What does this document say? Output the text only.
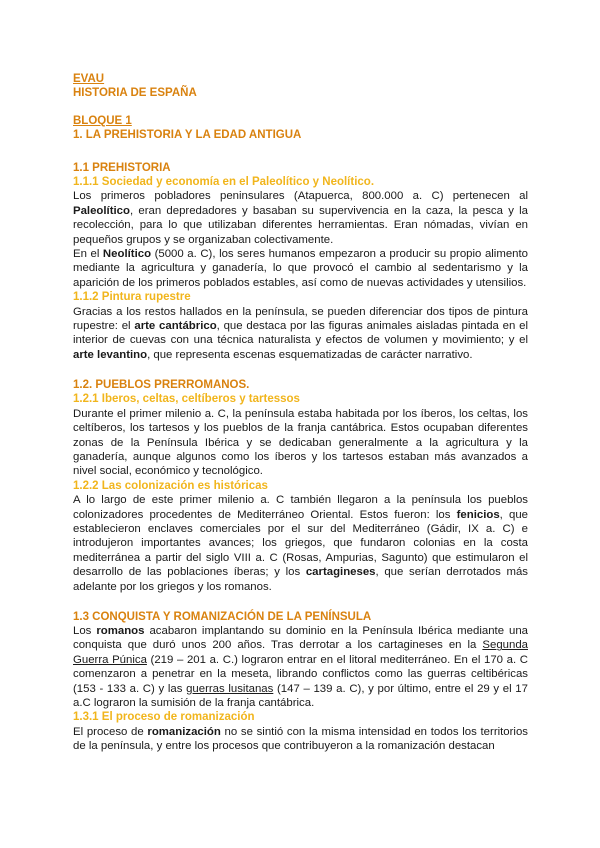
EVAU
HISTORIA DE ESPAÑA
BLOQUE 1
1. LA PREHISTORIA Y LA EDAD ANTIGUA
1.1 PREHISTORIA
1.1.1 Sociedad y economía en el Paleolítico y Neolítico.

Los primeros pobladores peninsulares (Atapuerca, 800.000 a. C) pertenecen al Paleolítico, eran depredadores y basaban su supervivencia en la caza, la pesca y la recolección, para lo que utilizaban diferentes herramientas. Eran nómadas, vivían en pequeños grupos y se organizaban colectivamente.

En el Neolítico (5000 a. C), los seres humanos empezaron a producir su propio alimento mediante la agricultura y ganadería, lo que provocó el cambio al sedentarismo y la aparición de los primeros poblados estables, así como de nuevas actividades y utensilios.

1.1.2 Pintura rupestre

Gracias a los restos hallados en la península, se pueden diferenciar dos tipos de pintura rupestre: el arte cantábrico, que destaca por las figuras animales aisladas pintada en el interior de cuevas con una técnica naturalista y efectos de volumen y movimiento; y el arte levantino, que representa escenas esquematizadas de carácter narrativo.

1.2. PUEBLOS PRERROMANOS.
1.2.1 Iberos, celtas, celtíberos y tartessos

Durante el primer milenio a. C, la península estaba habitada por los íberos, los celtas, los celtíberos, los tartesos y los pueblos de la franja cantábrica. Estos ocupaban diferentes zonas de la Península Ibérica y se dedicaban generalmente a la agricultura y la ganadería, aunque algunos como los íberos y los tartesos estaban más avanzados a nivel social, económico y tecnológico.

1.2.2 Las colonización es históricas

A lo largo de este primer milenio a. C también llegaron a la península los pueblos colonizadores procedentes de Mediterráneo Oriental. Estos fueron: los fenicios, que establecieron enclaves comerciales por el sur del Mediterráneo (Gádir, IX a. C) e introdujeron importantes avances; los griegos, que fundaron colonias en la costa mediterránea a partir del siglo VIII a. C (Rosas, Ampurias, Sagunto) que estimularon el desarrollo de las poblaciones íberas; y los cartagineses, que serían derrotados más adelante por los griegos y los romanos.

1.3 CONQUISTA Y ROMANIZACIÓN DE LA PENÍNSULA

Los romanos acabaron implantando su dominio en la Península Ibérica mediante una conquista que duró unos 200 años. Tras derrotar a los cartagineses en la Segunda Guerra Púnica (219 – 201 a. C.) lograron entrar en el litoral mediterráneo. En el 170 a. C comenzaron a penetrar en la meseta, librando conflictos como las guerras celtibéricas (153 - 133 a. C) y las guerras lusitanas (147 – 139 a. C), y por último, entre el 29 y el 17 a.C lograron la sumisión de la franja cantábrica.

1.3.1 El proceso de romanización

El proceso de romanización no se sintió con la misma intensidad en todos los territorios de la península, y entre los procesos que contribuyeron a la romanización destacan
